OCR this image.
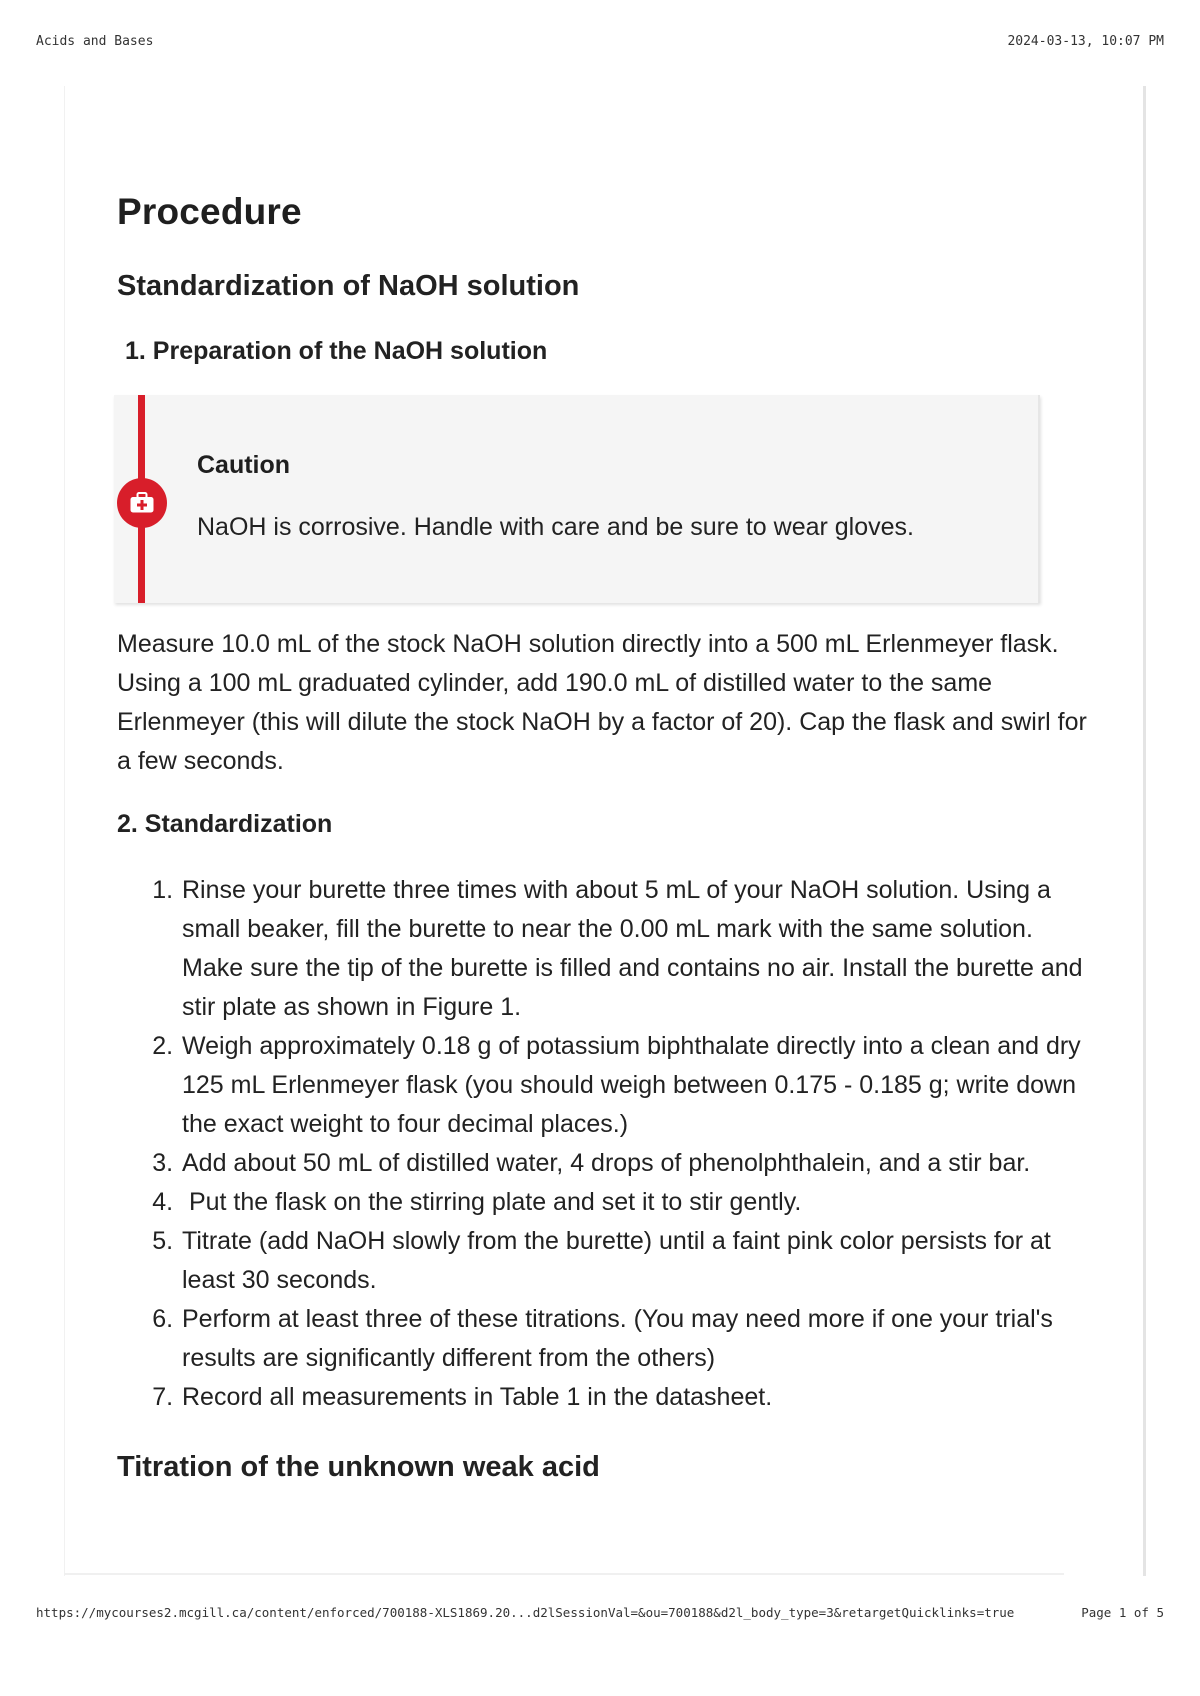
Acids and Bases	2024-03-13, 10:07 PM
Procedure
Standardization of NaOH solution
1. Preparation of the NaOH solution
Caution
NaOH is corrosive. Handle with care and be sure to wear gloves.

Measure 10.0 mL of the stock NaOH solution directly into a 500 mL Erlenmeyer flask. Using a 100 mL graduated cylinder, add 190.0 mL of distilled water to the same Erlenmeyer (this will dilute the stock NaOH by a factor of 20). Cap the flask and swirl for a few seconds.

2. Standardization
1. Rinse your burette three times with about 5 mL of your NaOH solution. Using a small beaker, fill the burette to near the 0.00 mL mark with the same solution. Make sure the tip of the burette is filled and contains no air. Install the burette and stir plate as shown in Figure 1.
2. Weigh approximately 0.18 g of potassium biphthalate directly into a clean and dry 125 mL Erlenmeyer flask (you should weigh between 0.175 - 0.185 g; write down the exact weight to four decimal places.)
3. Add about 50 mL of distilled water, 4 drops of phenolphthalein, and a stir bar.
4.  Put the flask on the stirring plate and set it to stir gently.
5. Titrate (add NaOH slowly from the burette) until a faint pink color persists for at least 30 seconds.
6. Perform at least three of these titrations. (You may need more if one your trial's results are significantly different from the others)
7. Record all measurements in Table 1 in the datasheet.
Titration of the unknown weak acid
https://mycourses2.mcgill.ca/content/enforced/700188-XLS1869.20...d2lSessionVal=&ou=700188&d2l_body_type=3&retargetQuicklinks=true	Page 1 of 5
